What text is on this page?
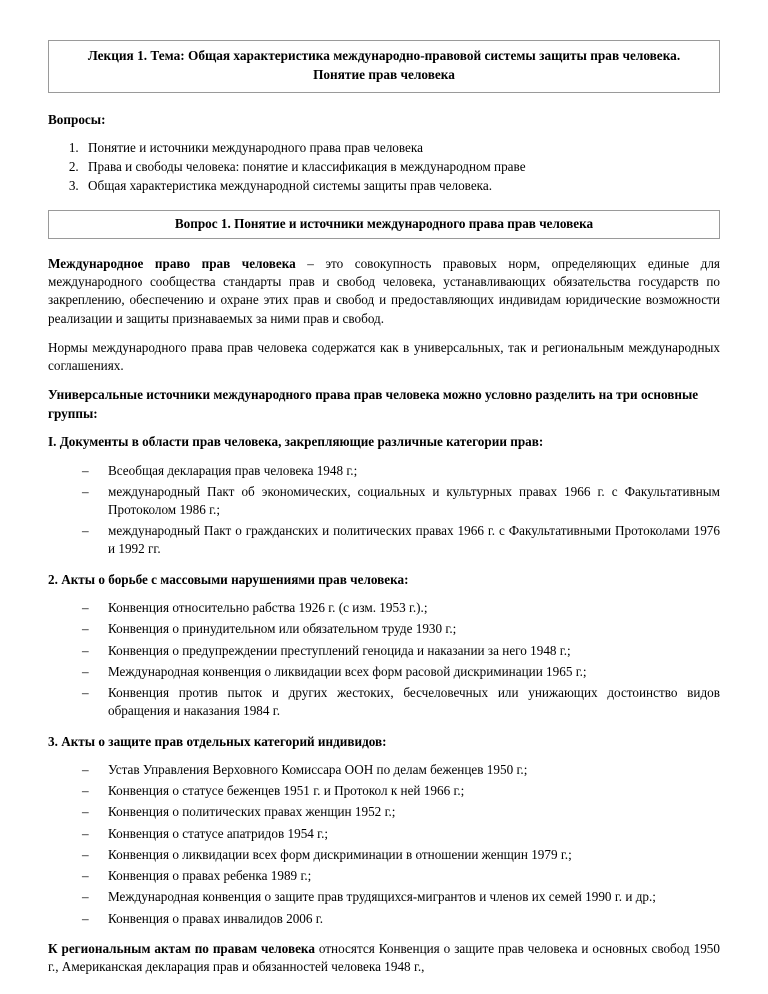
Лекция 1. Тема: Общая характеристика международно-правовой системы защиты прав человека. Понятие прав человека

Вопросы:

1. Понятие и источники международного права прав человека
2. Права и свободы человека: понятие и классификация в международном праве
3. Общая характеристика международной системы защиты прав человека.
Вопрос 1. Понятие и источники международного права прав человека

Международное право прав человека – это совокупность правовых норм, определяющих единые для международного сообщества стандарты прав и свобод человека, устанавливающих обязательства государств по закреплению, обеспечению и охране этих прав и свобод и предоставляющих индивидам юридические возможности реализации и защиты признаваемых за ними прав и свобод.

Нормы международного права прав человека содержатся как в универсальных, так и региональным международных соглашениях.

Универсальные источники международного права прав человека можно условно разделить на три основные группы:
I. Документы в области прав человека, закрепляющие различные категории прав:
– Всеобщая декларация прав человека 1948 г.;
– международный Пакт об экономических, социальных и культурных правах 1966 г. с Факультативным Протоколом 1986 г.;
– международный Пакт о гражданских и политических правах 1966 г. с Факультативными Протоколами 1976 и 1992 гг.
2. Акты о борьбе с массовыми нарушениями прав человека:
– Конвенция относительно рабства 1926 г. (с изм. 1953 г.).;
– Конвенция о принудительном или обязательном труде 1930 г.;
– Конвенция о предупреждении преступлений геноцида и наказании за него 1948 г.;
– Международная конвенция о ликвидации всех форм расовой дискриминации 1965 г.;
– Конвенция против пыток и других жестоких, бесчеловечных или унижающих достоинство видов обращения и наказания 1984 г.
3. Акты о защите прав отдельных категорий индивидов:
– Устав Управления Верховного Комиссара ООН по делам беженцев 1950 г.;
– Конвенция о статусе беженцев 1951 г. и Протокол к ней 1966 г.;
– Конвенция о политических правах женщин 1952 г.;
– Конвенция о статусе апатридов 1954 г.;
– Конвенция о ликвидации всех форм дискриминации в отношении женщин 1979 г.;
– Конвенция о правах ребенка 1989 г.;
– Международная конвенция о защите прав трудящихся-мигрантов и членов их семей 1990 г. и др.;
– Конвенция о правах инвалидов 2006 г.

К региональным актам по правам человека относятся Конвенция о защите прав человека и основных свобод 1950 г., Американская декларация прав и обязанностей человека 1948 г.,
